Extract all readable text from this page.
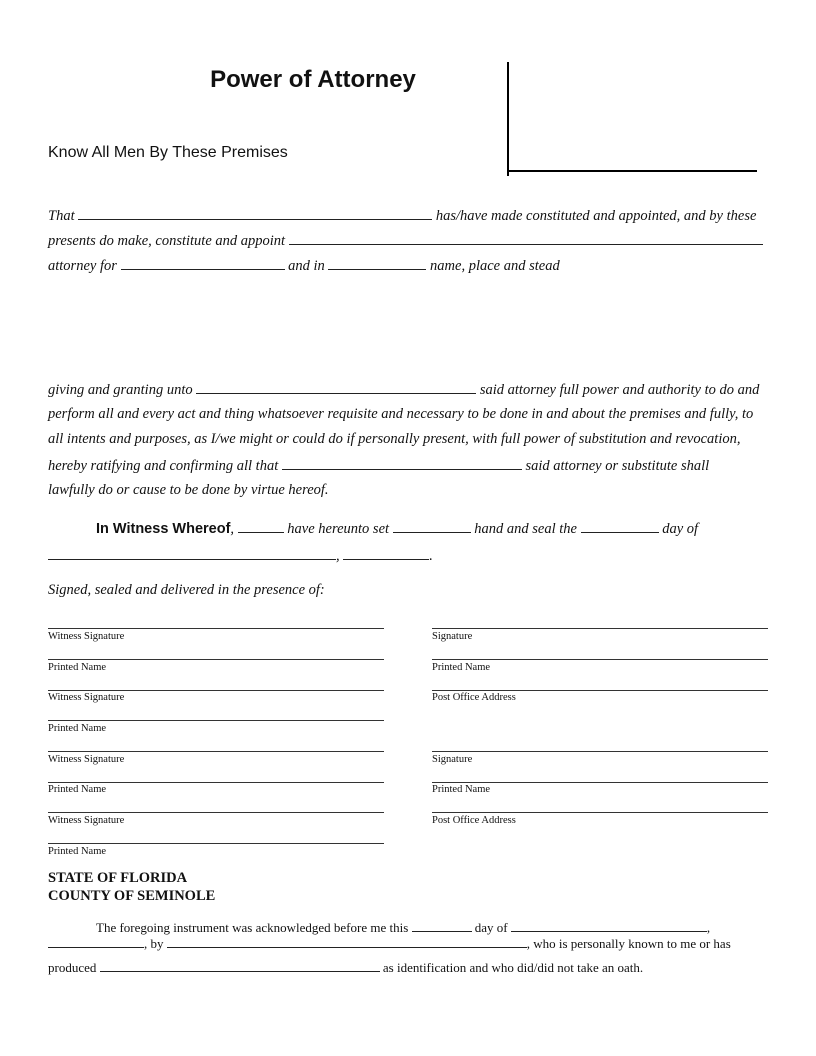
Power of Attorney
Know All Men By These Premises
That	has/have made constituted and appointed, and by these
presents do make, constitute and appoint
attorney for	and in	name, place and stead
giving and granting unto	said attorney full power and authority to do and
perform all and every act and thing whatsoever requisite and necessary to be done in and about the premises and fully, to
all intents and purposes, as I/we might or could do if personally present, with full power of substitution and revocation,
hereby ratifying and confirming all that	said attorney or substitute shall
lawfully do or cause to be done by virtue hereof.
In Witness Whereof,	have hereunto set	hand and seal the	day of
,	.
Signed, sealed and delivered in the presence of:
Witness Signature
Printed Name
Witness Signature
Printed Name
Witness Signature
Printed Name
Witness Signature
Printed Name
Signature
Printed Name
Post Office Address
Signature
Printed Name
Post Office Address
STATE OF FLORIDA
COUNTY OF SEMINOLE
The foregoing instrument was acknowledged before me this	day of	,
, by	, who is personally known to me or has
produced	as identification and who did/did not take an oath.
